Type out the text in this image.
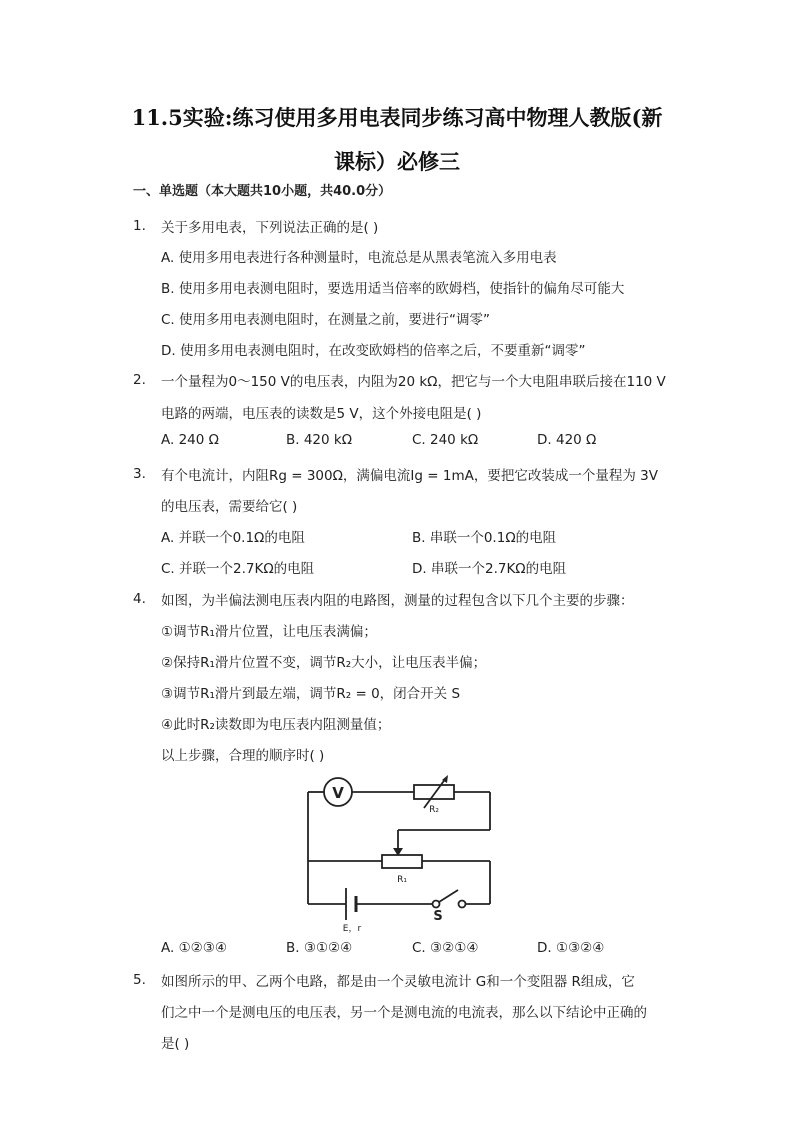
11.5实验:练习使用多用电表同步练习高中物理人教版(新
课标）必修三
一、单选题（本大题共10小题，共40.0分）
1. 关于多用电表，下列说法正确的是( )
A. 使用多用电表进行各种测量时，电流总是从黑表笔流入多用电表
B. 使用多用电表测电阻时，要选用适当倍率的欧姆档，使指针的偏角尽可能大
C. 使用多用电表测电阻时，在测量之前，要进行“调零”
D. 使用多用电表测电阻时，在改变欧姆档的倍率之后，不要重新“调零”
2. 一个量程为0～150 V的电压表，内阻为20 kΩ，把它与一个大电阻串联后接在110 V
电路的两端，电压表的读数是5 V，这个外接电阻是( )
A. 240 Ω	B. 420 kΩ	C. 240 kΩ	D. 420 Ω
3. 有个电流计，内阻Rg = 300Ω，满偏电流Ig = 1mA，要把它改装成一个量程为 3V
的电压表，需要给它( )
A. 并联一个0.1Ω的电阻	B. 串联一个0.1Ω的电阻
C. 并联一个2.7KΩ的电阻	D. 串联一个2.7KΩ的电阻
4. 如图，为半偏法测电压表内阻的电路图，测量的过程包含以下几个主要的步骤：
①调节R₁滑片位置，让电压表满偏；
②保持R₁滑片位置不变，调节R₂大小，让电压表半偏；
③调节R₁滑片到最左端，调节R₂ = 0，闭合开关 S
④此时R₂读数即为电压表内阻测量值；
以上步骤，合理的顺序时( )
V
R₂
R₁
E，r
S
A. ①②③④	B. ③①②④	C. ③②①④	D. ①③②④
5. 如图所示的甲、乙两个电路，都是由一个灵敏电流计 G和一个变阻器 R组成，它
们之中一个是测电压的电压表，另一个是测电流的电流表，那么以下结论中正确的
是( )
